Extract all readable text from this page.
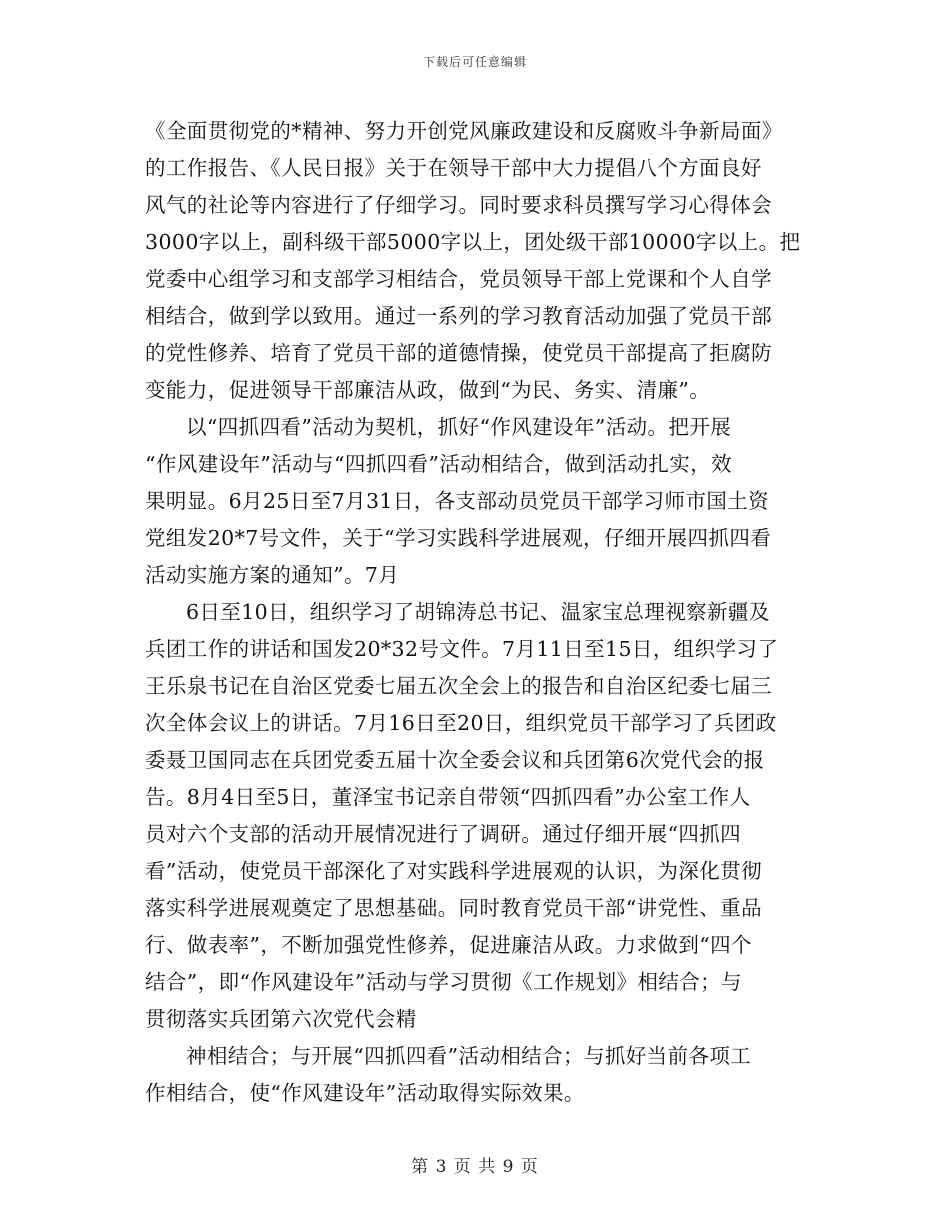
下载后可任意编辑
《全面贯彻党的*精神、努力开创党风廉政建设和反腐败斗争新局面》
的工作报告、《人民日报》关于在领导干部中大力提倡八个方面良好
风气的社论等内容进行了仔细学习。同时要求科员撰写学习心得体会
3000字以上，副科级干部5000字以上，团处级干部10000字以上。把
党委中心组学习和支部学习相结合，党员领导干部上党课和个人自学
相结合，做到学以致用。通过一系列的学习教育活动加强了党员干部
的党性修养、培育了党员干部的道德情操，使党员干部提高了拒腐防
变能力，促进领导干部廉洁从政，做到“为民、务实、清廉”。
以“四抓四看”活动为契机，抓好“作风建设年”活动。把开展
“作风建设年”活动与“四抓四看”活动相结合，做到活动扎实，效
果明显。6月25日至7月31日，各支部动员党员干部学习师市国土资
党组发20*7号文件，关于“学习实践科学进展观，仔细开展四抓四看
活动实施方案的通知”。7月
6日至10日，组织学习了胡锦涛总书记、温家宝总理视察新疆及
兵团工作的讲话和国发20*32号文件。7月11日至15日，组织学习了
王乐泉书记在自治区党委七届五次全会上的报告和自治区纪委七届三
次全体会议上的讲话。7月16日至20日，组织党员干部学习了兵团政
委聂卫国同志在兵团党委五届十次全委会议和兵团第6次党代会的报
告。8月4日至5日，董泽宝书记亲自带领“四抓四看”办公室工作人
员对六个支部的活动开展情况进行了调研。通过仔细开展“四抓四
看”活动，使党员干部深化了对实践科学进展观的认识，为深化贯彻
落实科学进展观奠定了思想基础。同时教育党员干部“讲党性、重品
行、做表率”，不断加强党性修养，促进廉洁从政。力求做到“四个
结合”，即“作风建设年”活动与学习贯彻《工作规划》相结合；与
贯彻落实兵团第六次党代会精
神相结合；与开展“四抓四看”活动相结合；与抓好当前各项工
作相结合，使“作风建设年”活动取得实际效果。
第 3 页 共 9 页
